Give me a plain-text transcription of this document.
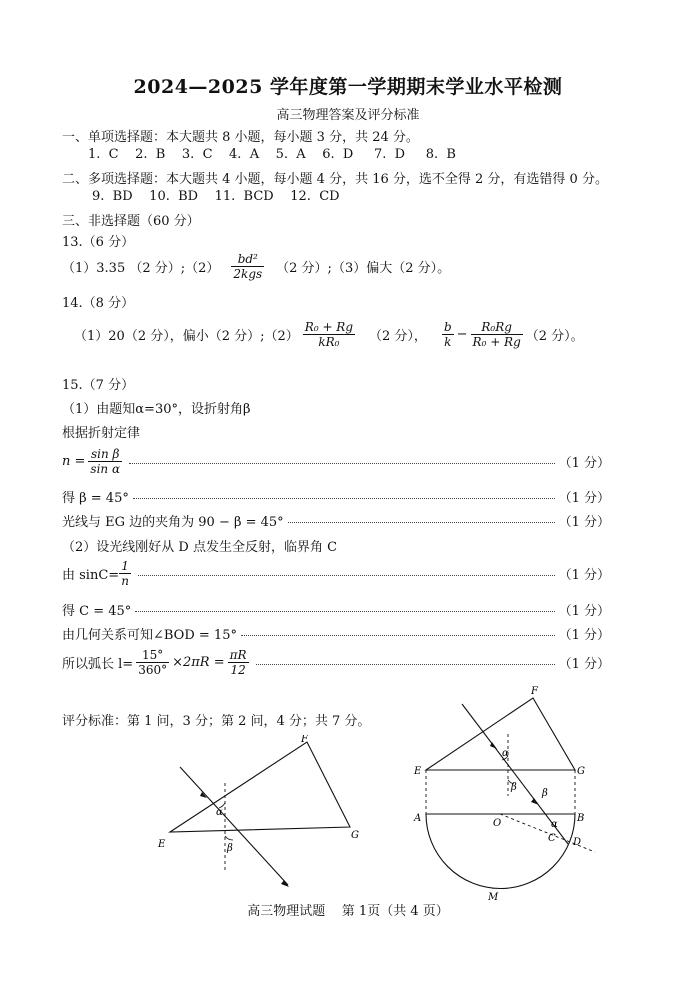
2024—2025 学年度第一学期期末学业水平检测
高三物理答案及评分标准
一、单项选择题：本大题共 8 小题，每小题 3 分，共 24 分。
1.  C    2.  B    3.  C    4.  A    5.  A    6.  D     7.  D     8.  B
二、多项选择题：本大题共 4 小题，每小题 4 分，共 16 分，选不全得 2 分，有选错得 0 分。
9.  BD    10.  BD    11.  BCD    12.  CD
三、非选择题（60 分）
13.（6 分）
（1）3.35 （2 分）;（2） $\frac{\text{bd²}}{\text{2kgs}} (2$ 分）;（3）偏大（2 分）。
14.（8 分）
（1）20（2 分），偏小（2 分）;（2） $\frac{\text{R₀ + Rg}}{\text{kR₀}} (2$ 分）， $\frac{b}{k} - \frac{\text{R₀Rg}}{\text{R₀ + Rg}} (2$ 分）。
15.（7 分）
（1）由题知α=30°，设折射角β
根据折射定律
$n = \frac{\text{sin β}}{\text{sin α}}$	（1 分）
得 β = 45°	（1 分）
光线与 EG 边的夹角为 90 − β = 45°	（1 分）
（2）设光线刚好从 D 点发生全反射，临界角 C
由 $\sin C= \frac{1}{n}$	（1 分）
得 C = 45°	（1 分）
由几何关系可知∠BOD = 15°	（1 分）
所以弧长 $l= \frac{15^\circ}{360^\circ} \times 2\pi R = \frac{\pi R}{12}$	（1 分）
评分标准：第 1 问，3 分；第 2 问，4 分；共 7 分。
F
E
G
α
β
F
E	G
A	B
O
C D
M
α
β
β
α
高三物理试题    第 1页（共 4 页）
